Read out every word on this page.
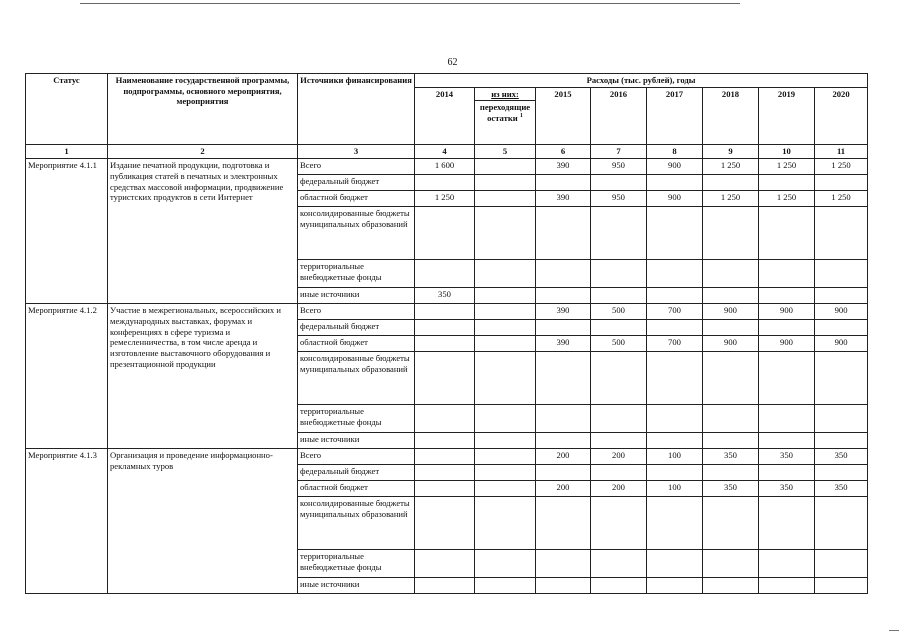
62
Статус	Наименование государственной программы, подпрограммы, основного мероприятия, мероприятия	Источники финансирования	Расходы (тыс. рублей), годы							
			2014	из них:	2015	2016	2017	2018	2019	2020
				переходящие остатки $^1$
1	2	3	4	5	6	7	8	9	10	11
Мероприятие 4.1.1	Издание печатной продукции, подготовка и публикация статей в печатных и электронных средствах массовой информации, продвижение туристских продуктов в сети Интернет	Всего	1 600		390	950	900	1 250	1 250	1 250
		федеральный бюджет								
		областной бюджет	1 250		390	950	900	1 250	1 250	1 250
		консолидированные бюджеты муниципальных образований								
		территориальные внебюджетные фонды								
		иные источники	350							
Мероприятие 4.1.2	Участие в межрегиональных, всероссийских и международных выставках, форумах и конференциях в сфере туризма и ремесленничества, в том числе аренда и изготовление выставочного оборудования и презентационной продукции	Всего			390	500	700	900	900	900
		федеральный бюджет								
		областной бюджет			390	500	700	900	900	900
		консолидированные бюджеты муниципальных образований								
		территориальные внебюджетные фонды								
		иные источники								
Мероприятие 4.1.3	Организация и проведение информационно-рекламных туров	Всего			200	200	100	350	350	350
		федеральный бюджет								
		областной бюджет			200	200	100	350	350	350
		консолидированные бюджеты муниципальных образований								
		территориальные внебюджетные фонды								
		иные источники								
